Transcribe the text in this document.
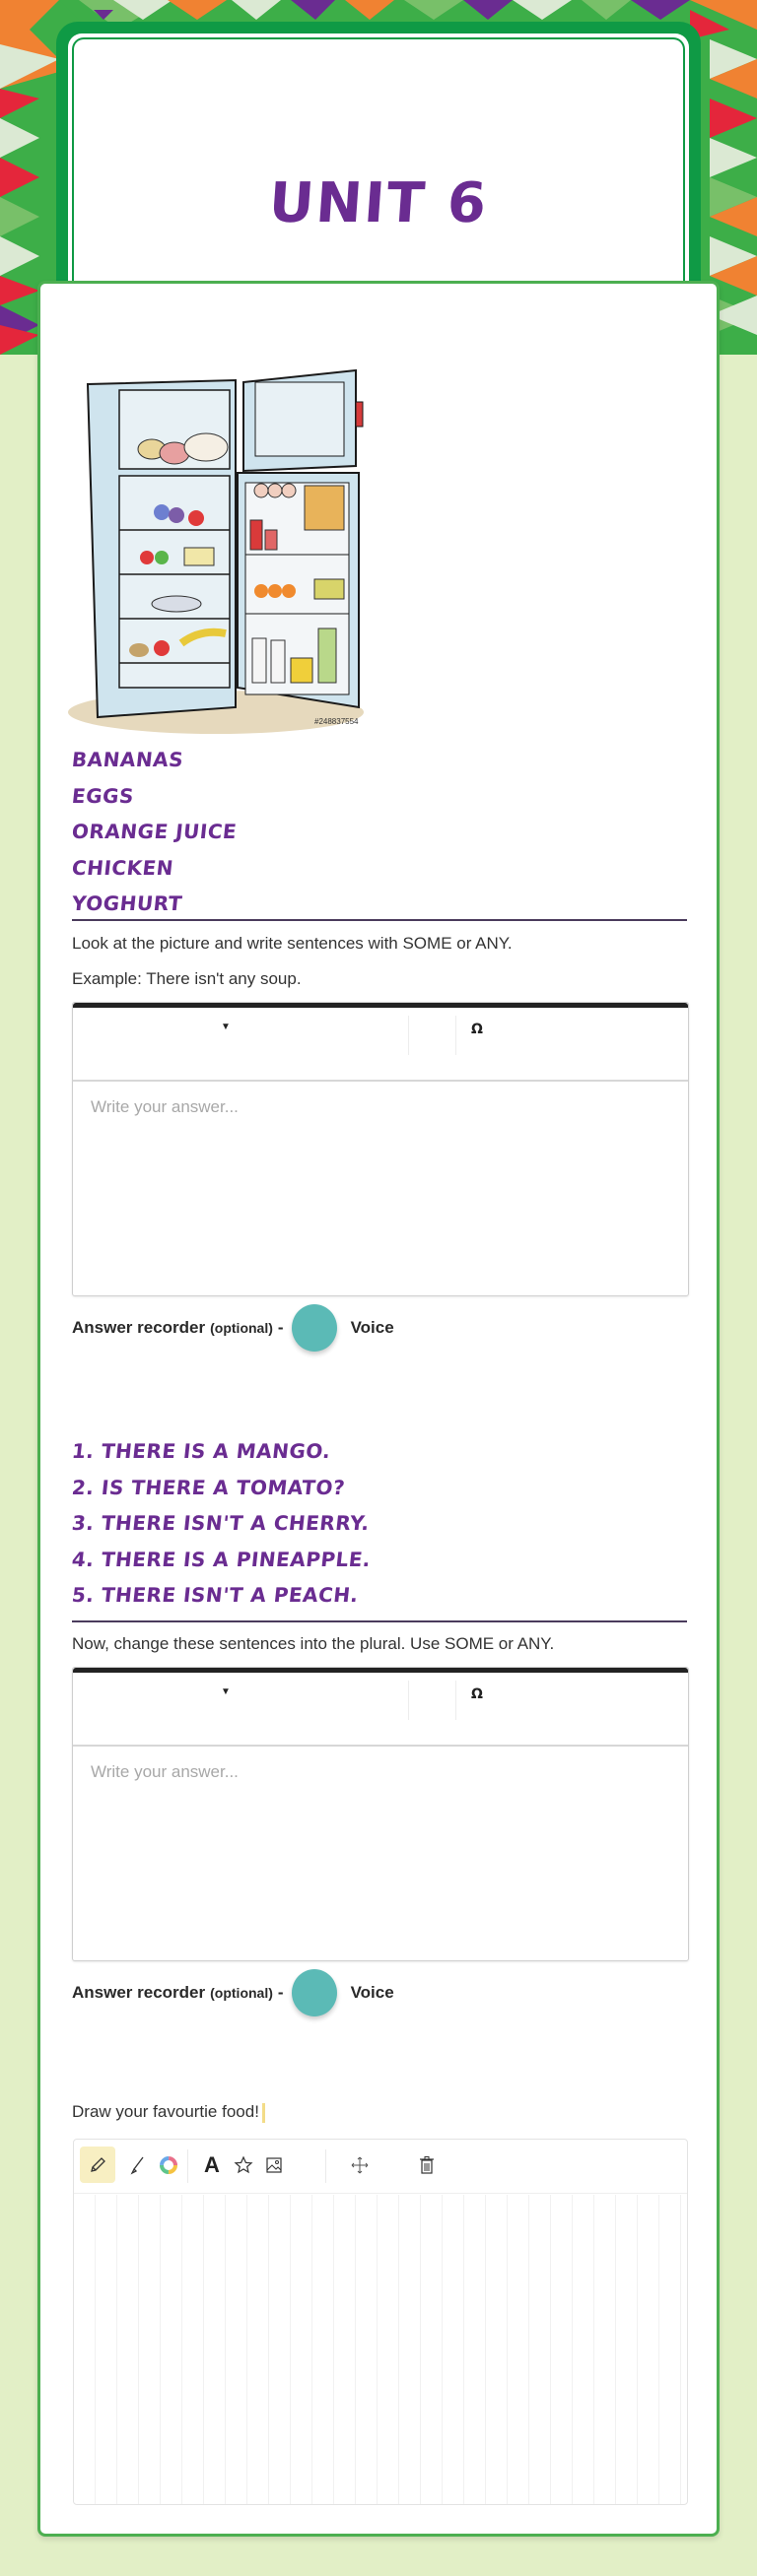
UNIT 6
#248837554
BANANAS
EGGS
ORANGE JUICE
CHICKEN
YOGHURT
Look at the picture and write sentences with SOME or ANY.
Example: There isn't any soup.
▼	Ω
Write your answer...
Answer recorder (optional) -	Voice
1. THERE IS A MANGO.
2. IS THERE A TOMATO?
3. THERE ISN'T A CHERRY.
4. THERE IS A PINEAPPLE.
5. THERE ISN'T A PEACH.
Now, change these sentences into the plural. Use SOME or ANY.
▼	Ω
Write your answer...
Answer recorder (optional) -	Voice
Draw your favourtie food!
A
